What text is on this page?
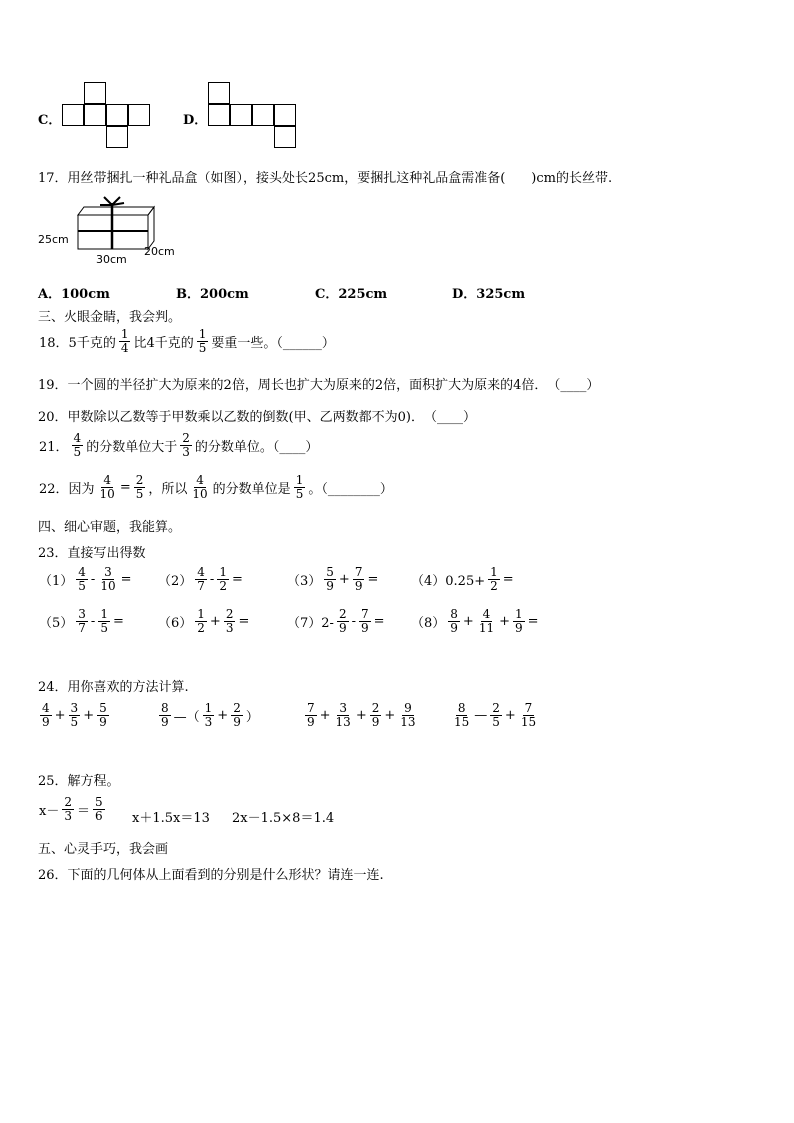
C．	D．
17．用丝带捆扎一种礼品盒（如图），接头处长25cm，要捆扎这种礼品盒需准备(　　)cm的长丝带.
25cm
30cm
20cm
A．100cm	B．200cm	C．225cm	D．325cm
三、火眼金睛，我会判。
18．5千克的 $\frac{1}{4}$ 比4千克的 $\frac{1}{5}$ 要重一些。（______）
19．一个圆的半径扩大为原来的2倍，周长也扩大为原来的2倍，面积扩大为原来的4倍．　（____）
20．甲数除以乙数等于甲数乘以乙数的倒数(甲、乙两数都不为0)．　（____）
21． $\frac{4}{5}$ 的分数单位大于 $\frac{2}{3}$ 的分数单位。（____）
22．因为 $\frac{4}{10} = \frac{2}{5}$ ，所以 $\frac{4}{10}$ 的分数单位是 $\frac{1}{5}$ 。（________）
四、细心审题，我能算。
23．直接写出得数
$(1) \frac{4}{5} - \frac{3}{10} = (2) \frac{4}{7} - \frac{1}{2}$ =	$(3) \frac{5}{9} + \frac{7}{9}$ =	$(4)0.25+ \frac{1}{2}$ =
$(5) \frac{3}{7} - \frac{1}{5}$ =	$(6) \frac{1}{2} + \frac{2}{3}$ =	$(7)2- \frac{2}{9} - \frac{7}{9} = (8) \frac{8}{9} + \frac{4}{11} + \frac{1}{9}$ =
24．用你喜欢的方法计算.
$\frac{4}{9} + \frac{3}{5} + \frac{5}{9}$	$\frac{8}{9}$ —（ $\frac{1}{3} + \frac{2}{9}$ ）	$\frac{7}{9} + \frac{3}{13} + \frac{2}{9} + \frac{9}{13}$	$\frac{8}{15}$ — $\frac{2}{5} + \frac{7}{15}$
25．解方程。
$x- \frac{2}{3} = \frac{5}{6} x+1.5x=13$ 2x－1.5×8＝1.4
五、心灵手巧，我会画
26．下面的几何体从上面看到的分别是什么形状？请连一连.
